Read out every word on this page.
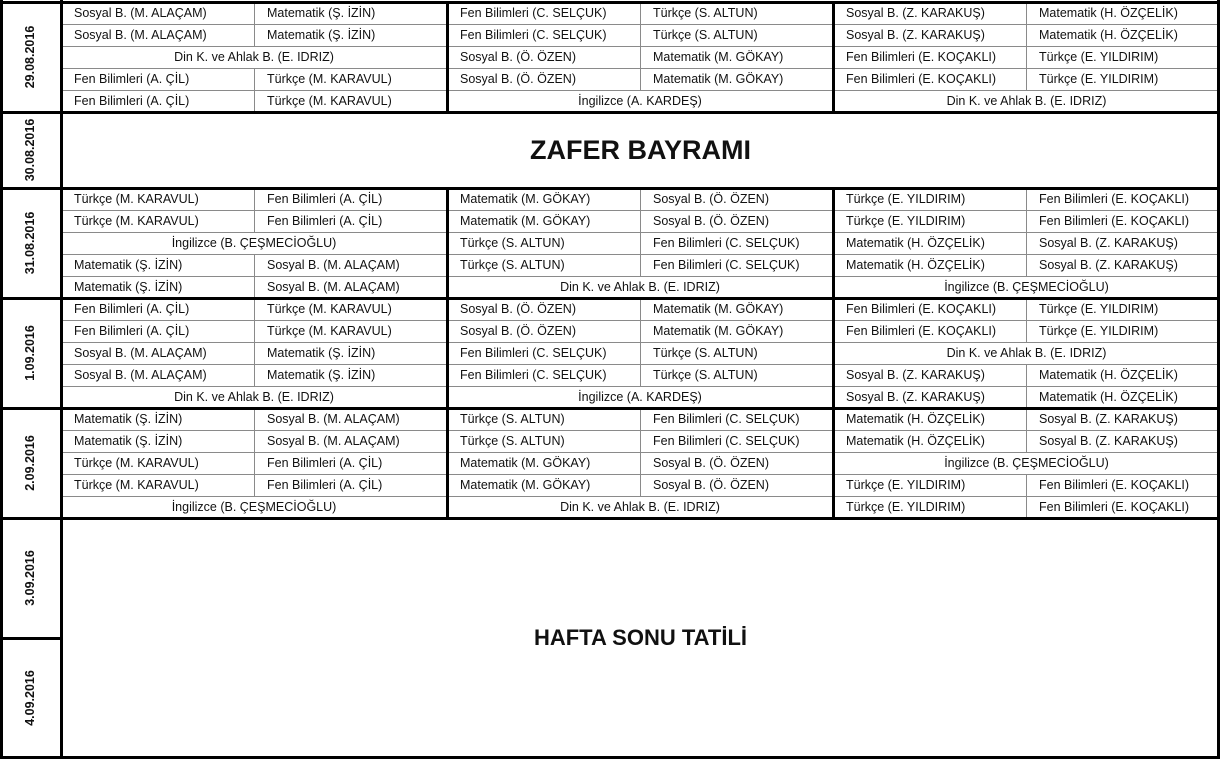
29.08.2016
Sosyal B. (M. ALAÇAM)	Matematik (Ş. İZİN)	Fen Bilimleri (C. SELÇUK)	Türkçe (S. ALTUN)	Sosyal B. (Z. KARAKUŞ)	Matematik (H. ÖZÇELİK)
Sosyal B. (M. ALAÇAM)	Matematik (Ş. İZİN)	Fen Bilimleri (C. SELÇUK)	Türkçe (S. ALTUN)	Sosyal B. (Z. KARAKUŞ)	Matematik (H. ÖZÇELİK)
Din K. ve Ahlak B. (E. IDRIZ)	Sosyal B. (Ö. ÖZEN)	Matematik (M. GÖKAY)	Fen Bilimleri (E. KOÇAKLI)	Türkçe (E. YILDIRIM)
Fen Bilimleri (A. ÇİL)	Türkçe (M. KARAVUL)	Sosyal B. (Ö. ÖZEN)	Matematik (M. GÖKAY)	Fen Bilimleri (E. KOÇAKLI)	Türkçe (E. YILDIRIM)
Fen Bilimleri (A. ÇİL)	Türkçe (M. KARAVUL)	İngilizce (A. KARDEŞ)	Din K. ve Ahlak B. (E. IDRIZ)
30.08.2016	ZAFER BAYRAMI
31.08.2016
Türkçe (M. KARAVUL)	Fen Bilimleri (A. ÇİL)	Matematik (M. GÖKAY)	Sosyal B. (Ö. ÖZEN)	Türkçe (E. YILDIRIM)	Fen Bilimleri (E. KOÇAKLI)
Türkçe (M. KARAVUL)	Fen Bilimleri (A. ÇİL)	Matematik (M. GÖKAY)	Sosyal B. (Ö. ÖZEN)	Türkçe (E. YILDIRIM)	Fen Bilimleri (E. KOÇAKLI)
İngilizce (B. ÇEŞMECİOĞLU)	Türkçe (S. ALTUN)	Fen Bilimleri (C. SELÇUK)	Matematik (H. ÖZÇELİK)	Sosyal B. (Z. KARAKUŞ)
Matematik (Ş. İZİN)	Sosyal B. (M. ALAÇAM)	Türkçe (S. ALTUN)	Fen Bilimleri (C. SELÇUK)	Matematik (H. ÖZÇELİK)	Sosyal B. (Z. KARAKUŞ)
Matematik (Ş. İZİN)	Sosyal B. (M. ALAÇAM)	Din K. ve Ahlak B. (E. IDRIZ)	İngilizce (B. ÇEŞMECİOĞLU)
1.09.2016
Fen Bilimleri (A. ÇİL)	Türkçe (M. KARAVUL)	Sosyal B. (Ö. ÖZEN)	Matematik (M. GÖKAY)	Fen Bilimleri (E. KOÇAKLI)	Türkçe (E. YILDIRIM)
Fen Bilimleri (A. ÇİL)	Türkçe (M. KARAVUL)	Sosyal B. (Ö. ÖZEN)	Matematik (M. GÖKAY)	Fen Bilimleri (E. KOÇAKLI)	Türkçe (E. YILDIRIM)
Sosyal B. (M. ALAÇAM)	Matematik (Ş. İZİN)	Fen Bilimleri (C. SELÇUK)	Türkçe (S. ALTUN)	Din K. ve Ahlak B. (E. IDRIZ)
Sosyal B. (M. ALAÇAM)	Matematik (Ş. İZİN)	Fen Bilimleri (C. SELÇUK)	Türkçe (S. ALTUN)	Sosyal B. (Z. KARAKUŞ)	Matematik (H. ÖZÇELİK)
Din K. ve Ahlak B. (E. IDRIZ)	İngilizce (A. KARDEŞ)	Sosyal B. (Z. KARAKUŞ)	Matematik (H. ÖZÇELİK)
2.09.2016
Matematik (Ş. İZİN)	Sosyal B. (M. ALAÇAM)	Türkçe (S. ALTUN)	Fen Bilimleri (C. SELÇUK)	Matematik (H. ÖZÇELİK)	Sosyal B. (Z. KARAKUŞ)
Matematik (Ş. İZİN)	Sosyal B. (M. ALAÇAM)	Türkçe (S. ALTUN)	Fen Bilimleri (C. SELÇUK)	Matematik (H. ÖZÇELİK)	Sosyal B. (Z. KARAKUŞ)
Türkçe (M. KARAVUL)	Fen Bilimleri (A. ÇİL)	Matematik (M. GÖKAY)	Sosyal B. (Ö. ÖZEN)	İngilizce (B. ÇEŞMECİOĞLU)
Türkçe (M. KARAVUL)	Fen Bilimleri (A. ÇİL)	Matematik (M. GÖKAY)	Sosyal B. (Ö. ÖZEN)	Türkçe (E. YILDIRIM)	Fen Bilimleri (E. KOÇAKLI)
İngilizce (B. ÇEŞMECİOĞLU)	Din K. ve Ahlak B. (E. IDRIZ)	Türkçe (E. YILDIRIM)	Fen Bilimleri (E. KOÇAKLI)
3.09.2016
4.09.2016
HAFTA SONU TATİLİ
